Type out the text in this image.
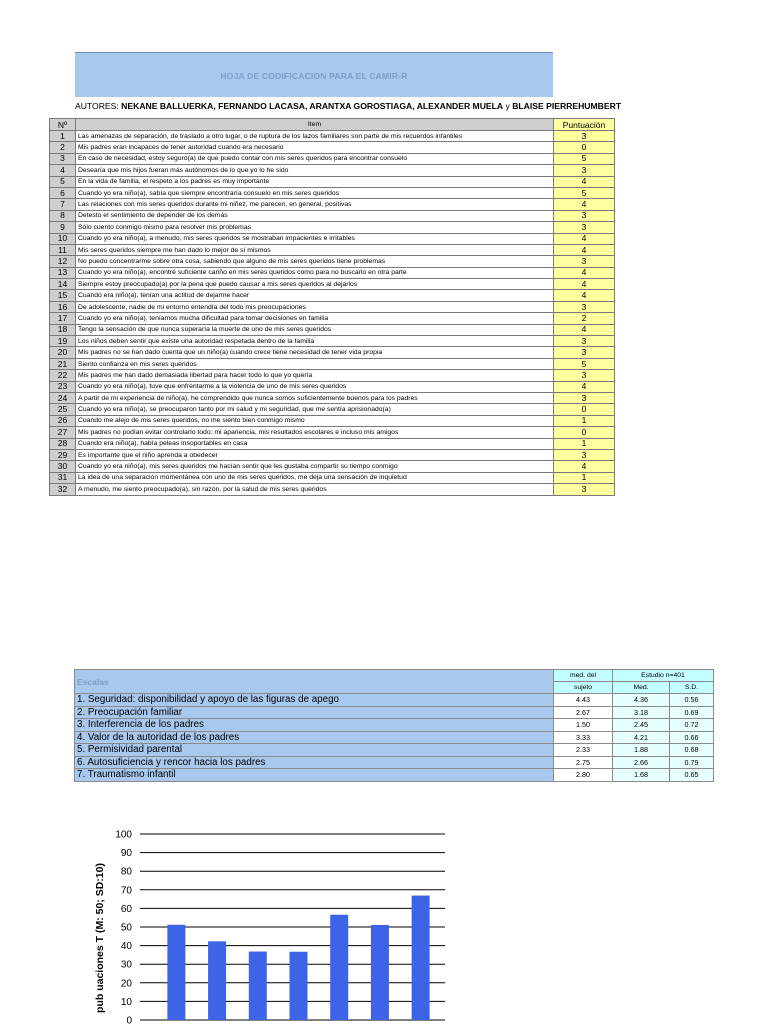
HOJA DE CODIFICACION PARA EL CAMIR-R
AUTORES: NEKANE BALLUERKA, FERNANDO LACASA, ARANTXA GOROSTIAGA, ALEXANDER MUELA y BLAISE PIERREHUMBERT
Nº	Item	Puntuación
1	Las amenazas de separación, de traslado a otro lugar, o de ruptura de los lazos familiares son parte de mis recuerdos infantiles	3
2	Mis padres eran incapaces de tener autoridad cuando era necesario	0
3	En caso de necesidad, estoy seguro(a) de que puedo contar con mis seres queridos para encontrar consuelo	5
4	Desearía que mis hijos fueran más autónomos de lo que yo lo he sido	3
5	En la vida de familia, el respeto a los padres es muy importante	4
6	Cuando yo era niño(a), sabía que siempre encontraría consuelo en mis seres queridos	5
7	Las relaciones con mis seres queridos durante mi niñez, me parecen, en general, positivas	4
8	Detesto el sentimiento de depender de los demás	3
9	Sólo cuento conmigo mismo para resolver mis problemas	3
10	Cuando yo era niño(a), a menudo, mis seres queridos se mostraban impacientes e irritables	4
11	Mis seres queridos siempre me han dado lo mejor de sí mismos	4
12	No puedo concentrarme sobre otra cosa, sabiendo que alguno de mis seres queridos tiene problemas	3
13	Cuando yo era niño(a), encontré suficiente cariño en mis seres queridos como para no buscarlo en otra parte	4
14	Siempre estoy preocupado(a) por la pena que puedo causar a mis seres queridos al dejarlos	4
15	Cuando era niño(a), tenían una actitud de dejarme hacer	4
16	De adolescente, nadie de mi entorno entendía del todo mis preocupaciones	3
17	Cuando yo era niño(a), teníamos mucha dificultad para tomar decisiones en familia	2
18	Tengo la sensación de que nunca superaría la muerte de uno de mis seres queridos	4
19	Los niños deben sentir que existe una autoridad respetada dentro de la familia	3
20	Mis padres no se han dado cuenta que un niño(a) cuando crece tiene necesidad de tener vida propia	3
21	Siento confianza en mis seres queridos	5
22	Mis padres me han dado demasiada libertad para hacer todo lo que yo quería	3
23	Cuando yo era niño(a), tuve que enfrentarme a la violencia de uno de mis seres queridos	4
24	A partir de mi experiencia de niño(a), he comprendido que nunca somos suficientemente buenos para los padres	3
25	Cuando yo era niño(a), se preocuparon tanto por mi salud y mi seguridad, que me sentía aprisionado(a)	0
26	Cuando me alejo de mis seres queridos, no me siento bien conmigo mismo	1
27	Mis padres no podían evitar controlarlo todo: mi apariencia, mis resultados escolares e incluso mis amigos	0
28	Cuando era niño(a), había peleas insoportables en casa	1
29	Es importante que el niño aprenda a obedecer	3
30	Cuando yo era niño(a), mis seres queridos me hacían sentir que les gustaba compartir su tiempo conmigo	4
31	La idea de una separación momentánea con uno de mis seres queridos, me deja una sensación de inquietud	1
32	A menudo, me siento preocupado(a), sin razón, por la salud de mis seres queridos	3
Escalas	med. del	Estudio n=401	
	sujeto	Med.	S.D.
1. Seguridad: disponibilidad y apoyo de las figuras de apego	4.43	4.36	0.56
2. Preocupación familiar	2.67	3.18	0.69
3. Interferencia de los padres	1.50	2.45	0.72
4. Valor de la autoridad de los padres	3.33	4.21	0.66
5. Permisividad parental	2.33	1.88	0.68
6. Autosuficiencia y rencor hacia los padres	2.75	2.66	0.79
7. Traumatismo infantil	2.80	1.68	0.65
0
10
20
30
40
50
60
70
80
90
100
pub uaciones T (M: 50; SD:10)
